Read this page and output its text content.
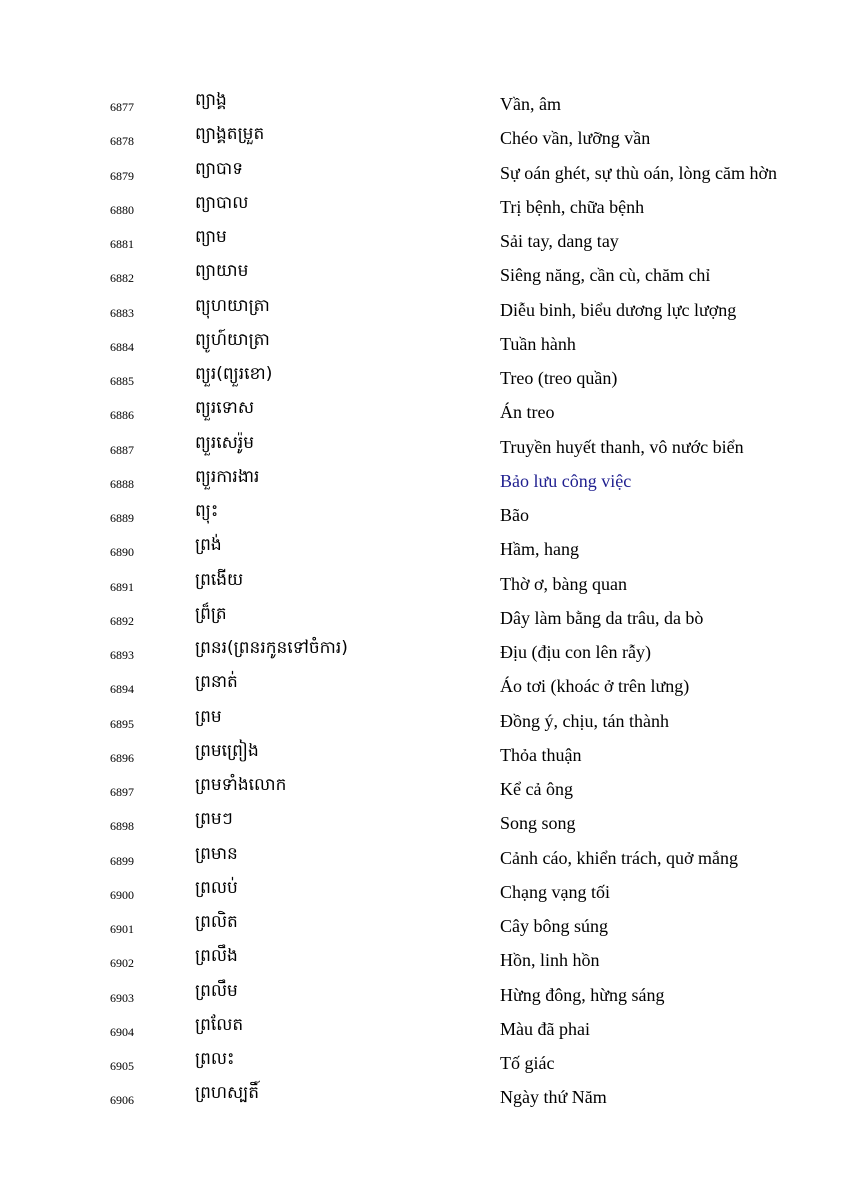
6877	ព្យាង្គ	Vần, âm
6878	ព្យាង្គតម្រួត	Chéo vần, lưỡng vần
6879	ព្យាបាទ	Sự oán ghét, sự thù oán, lòng căm hờn
6880	ព្យាបាល	Trị bệnh, chữa bệnh
6881	ព្យាម	Sải tay, dang tay
6882	ព្យាយាម	Siêng năng, cần cù, chăm chỉ
6883	ព្យុហយាត្រា	Diễu binh, biểu dương lực lượng
6884	ព្យូហ៍យាត្រា	Tuần hành
6885	ព្យួរ(ព្យួរខោ)	Treo (treo quần)
6886	ព្យួរទោស	Án treo
6887	ព្យួរសេរ៉ូម	Truyền huyết thanh, vô nước biển
6888	ព្យួរការងារ	Bảo lưu công việc
6889	ព្យុះ	Bão
6890	ព្រង់	Hầm, hang
6891	ព្រងើយ	Thờ ơ, bàng quan
6892	ព្រ៏ត្រ	Dây làm bằng da trâu, da bò
6893	ព្រនរ(ព្រនរកូនទៅចំការ)	Địu (địu con lên rẫy)
6894	ព្រនាត់	Áo tơi (khoác ở trên lưng)
6895	ព្រម	Đồng ý, chịu, tán thành
6896	ព្រមព្រៀង	Thỏa thuận
6897	ព្រមទាំងលោក	Kể cả ông
6898	ព្រមៗ	Song song
6899	ព្រមាន	Cảnh cáo, khiển trách, quở mắng
6900	ព្រលប់	Chạng vạng tối
6901	ព្រលិត	Cây bông súng
6902	ព្រលឹង	Hồn, linh hồn
6903	ព្រលឹម	Hừng đông, hừng sáng
6904	ព្រលែត	Màu đã phai
6905	ព្រលះ	Tố giác
6906	ព្រហស្បតិ៍	Ngày thứ Năm
